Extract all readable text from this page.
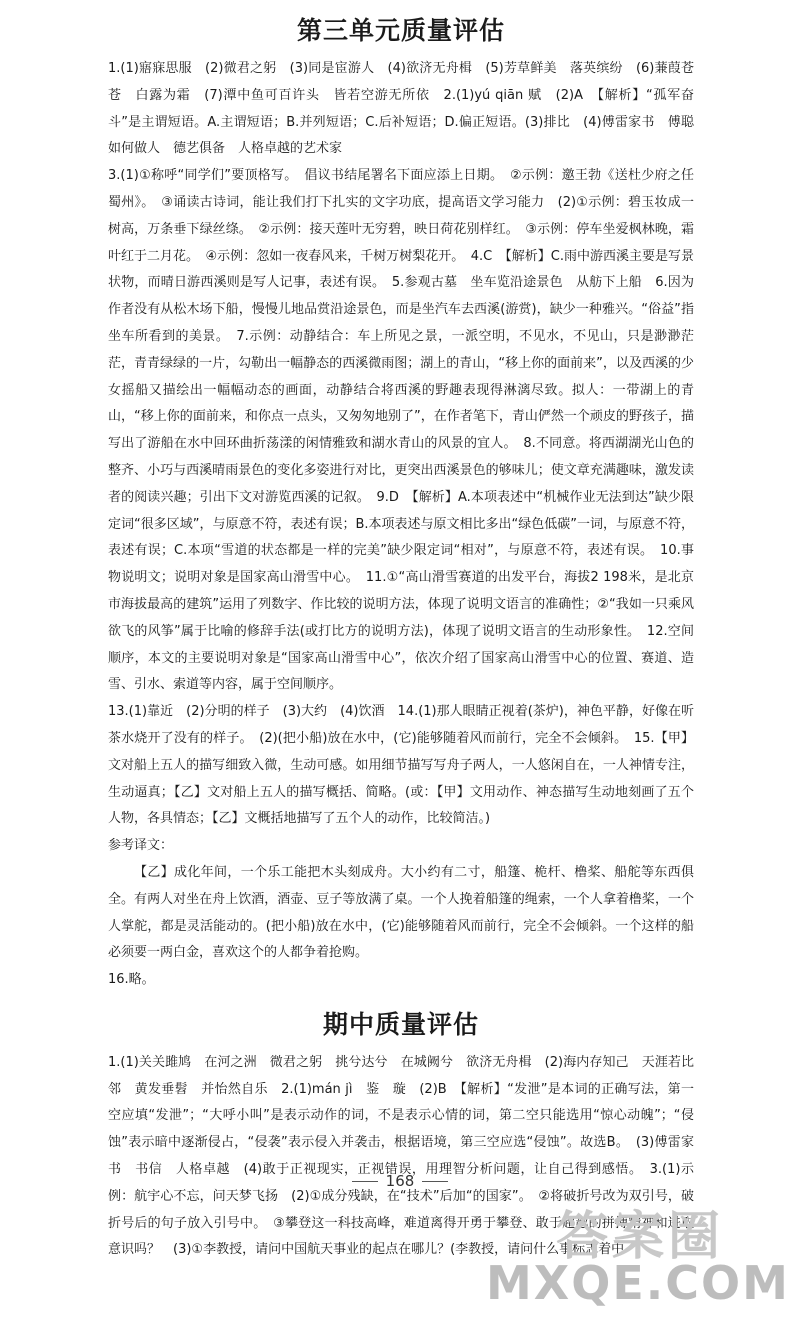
第三单元质量评估

1.(1)寤寐思服　(2)微君之躬　(3)同是宦游人　(4)欲济无舟楫　(5)芳草鲜美　落英缤纷　(6)蒹葭苍苍　白露为霜　(7)潭中鱼可百许头　皆若空游无所依　2.(1)yú qiān 赋　(2)A　【解析】“孤军奋斗”是主谓短语。A.主谓短语；B.并列短语；C.后补短语；D.偏正短语。(3)排比　(4)傅雷家书　傅聪　如何做人　德艺俱备　人格卓越的艺术家

3.(1)①称呼“同学们”要顶格写。　倡议书结尾署名下面应添上日期。　②示例：邀王勃《送杜少府之任蜀州》。　③诵读古诗词，能让我们打下扎实的文字功底，提高语文学习能力　(2)①示例：碧玉妆成一树高，万条垂下绿丝绦。　②示例：接天莲叶无穷碧，映日荷花别样红。　③示例：停车坐爱枫林晚，霜叶红于二月花。　④示例：忽如一夜春风来，千树万树梨花开。　4.C　【解析】C.雨中游西溪主要是写景状物，而晴日游西溪则是写人记事，表述有误。　5.参观古墓　坐车览沿途景色　从舫下上船　6.因为作者没有从松木场下船，慢慢儿地品赏沿途景色，而是坐汽车去西溪(游赏)，缺少一种雅兴。“俗益”指坐车所看到的美景。　7.示例：动静结合：车上所见之景，一派空明，不见水，不见山，只是渺渺茫茫，青青绿绿的一片，勾勒出一幅静态的西溪微雨图；湖上的青山，“移上你的面前来”，以及西溪的少女摇船又描绘出一幅幅动态的画面，动静结合将西溪的野趣表现得淋漓尽致。拟人：一带湖上的青山，“移上你的面前来，和你点一点头，又匆匆地别了”，在作者笔下，青山俨然一个顽皮的野孩子，描写出了游船在水中回环曲折荡漾的闲情雅致和湖水青山的风景的宜人。　8.不同意。将西湖湖光山色的整齐、小巧与西溪晴雨景色的变化多姿进行对比，更突出西溪景色的够味儿；使文章充满趣味，激发读者的阅读兴趣；引出下文对游览西溪的记叙。　9.D　【解析】A.本项表述中“机械作业无法到达”缺少限定词“很多区域”，与原意不符，表述有误；B.本项表述与原文相比多出“绿色低碳”一词，与原意不符，表述有误；C.本项“雪道的状态都是一样的完美”缺少限定词“相对”，与原意不符，表述有误。　10.事物说明文；说明对象是国家高山滑雪中心。　11.①“高山滑雪赛道的出发平台，海拔2 198米，是北京市海拔最高的建筑”运用了列数字、作比较的说明方法，体现了说明文语言的准确性；②“我如一只乘风欲飞的风筝”属于比喻的修辞手法(或打比方的说明方法)，体现了说明文语言的生动形象性。　12.空间顺序，本文的主要说明对象是“国家高山滑雪中心”，依次介绍了国家高山滑雪中心的位置、赛道、造雪、引水、索道等内容，属于空间顺序。

13.(1)靠近　(2)分明的样子　(3)大约　(4)饮酒　14.(1)那人眼睛正视着(茶炉)，神色平静，好像在听茶水烧开了没有的样子。　(2)(把小船)放在水中，(它)能够随着风而前行，完全不会倾斜。　15.【甲】文对船上五人的描写细致入微，生动可感。如用细节描写写舟子两人，一人悠闲自在，一人神情专注，生动逼真；【乙】文对船上五人的描写概括、简略。(或：【甲】文用动作、神态描写生动地刻画了五个人物，各具情态；【乙】文概括地描写了五个人的动作，比较简洁。)

参考译文：

【乙】成化年间，一个乐工能把木头刻成舟。大小约有二寸，船篷、桅杆、橹桨、船舵等东西俱全。有两人对坐在舟上饮酒，酒壶、豆子等放满了桌。一个人挽着船篷的绳索，一个人拿着橹桨，一个人掌舵，都是灵活能动的。(把小船)放在水中，(它)能够随着风而前行，完全不会倾斜。一个这样的船必须要一两白金，喜欢这个的人都争着抢购。

16.略。

期中质量评估

1.(1)关关雎鸠　在河之洲　微君之躬　挑兮达兮　在城阙兮　欲济无舟楫　(2)海内存知己　天涯若比邻　黄发垂髫　并怡然自乐　2.(1)mán jì　鉴　璇　(2)B　【解析】“发泄”是本词的正确写法，第一空应填“发泄”；“大呼小叫”是表示动作的词，不是表示心情的词，第二空只能选用“惊心动魄”；“侵蚀”表示暗中逐渐侵占，“侵袭”表示侵入并袭击，根据语境，第三空应选“侵蚀”。故选B。　(3)傅雷家书　书信　人格卓越　(4)敢于正视现实，正视错误，用理智分析问题，让自己得到感悟。　3.(1)示例：航宇心不忘，问天梦飞扬　(2)①成分残缺，在“技术”后加“的国家”。　②将破折号改为双引号，破折号后的句子放入引号中。　③攀登这一科技高峰，难道离得开勇于攀登、敢于超越的拼搏精神和进取意识吗？　(3)①李教授，请问中国航天事业的起点在哪儿？(李教授，请问什么事标志着中

168
答案圈
MXQE.COM
